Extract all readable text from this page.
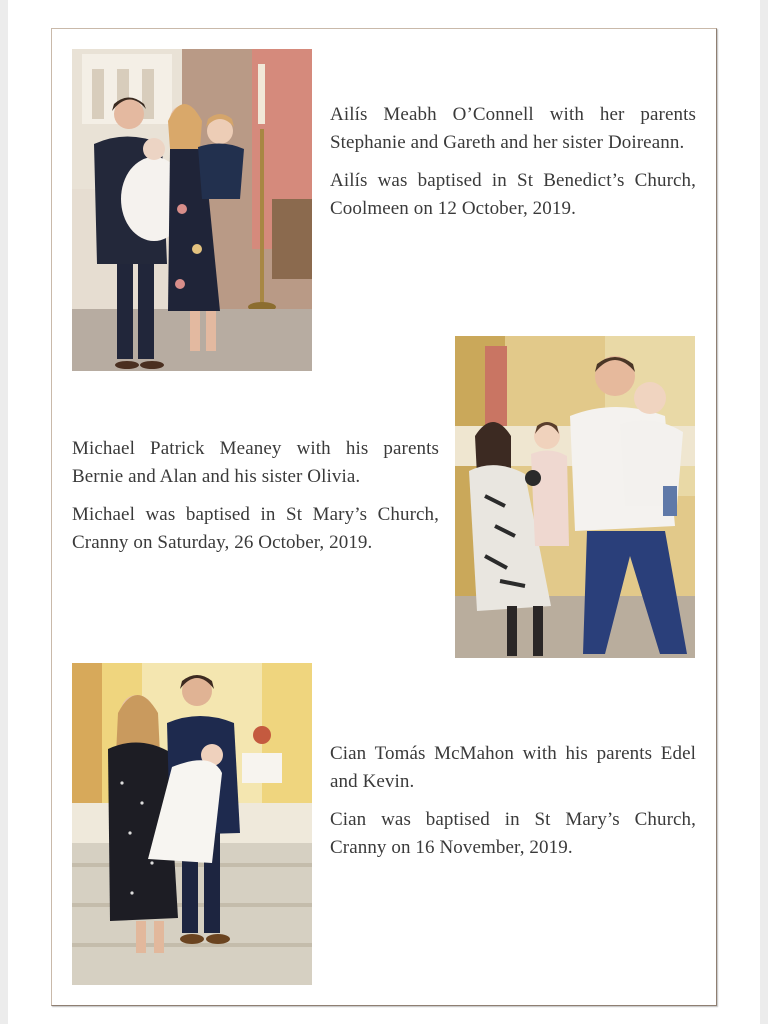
Ailís Meabh O’Connell with her parents Stephanie and Gareth and her sister Doireann.

Ailís was baptised in St Benedict’s Church, Coolmeen on 12 October, 2019.

Michael Patrick Meaney with his parents Bernie and Alan and his sister Olivia.

Michael was baptised in St Mary’s Church, Cranny on Saturday, 26 October, 2019.

Cian Tomás McMahon with his parents Edel and Kevin.

Cian was baptised in St Mary’s Church, Cranny on 16 November, 2019.
